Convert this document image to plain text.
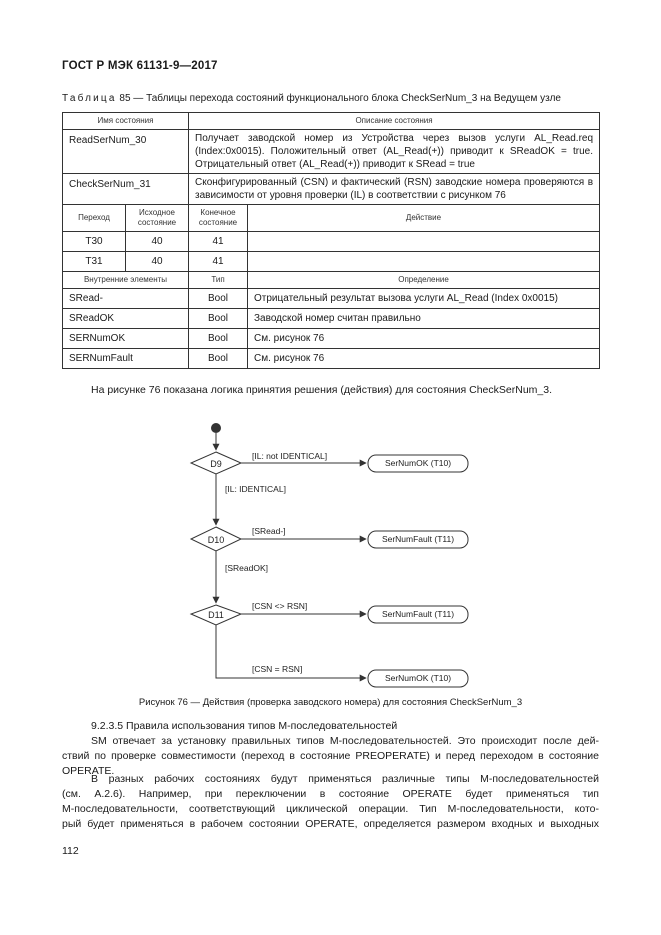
ГОСТ Р МЭК 61131-9—2017
Таблица 85 — Таблицы перехода состояний функционального блока CheckSerNum_3 на Ведущем узле
Имя состояния		Описание состояния	
ReadSerNum_30		Получает заводской номер из Устройства через вызов услуги AL_Read.req (Index:0x0015). Положительный ответ (AL_Read(+)) приводит к SReadOK = true. Отрицательный ответ (AL_Read(+)) приводит к SRead = true	
CheckSerNum_31		Сконфигурированный (CSN) и фактический (RSN) заводские номера проверяются в зависимости от уровня проверки (IL) в соответствии с рисунком 76	
Переход	Исходное состояние	Конечное состояние	Действие
T30	40	41	
T31	40	41	
Внутренние элементы		Тип	Определение
SRead-		Bool	Отрицательный результат вызова услуги AL_Read (Index 0x0015)
SReadOK		Bool	Заводской номер считан правильно
SERNumOK		Bool	См. рисунок 76
SERNumFault		Bool	См. рисунок 76
На рисунке 76 показана логика принятия решения (действия) для состояния CheckSerNum_3.
D9
D10
D11
[IL: not IDENTICAL]
[IL: IDENTICAL]
[SRead-]
[SReadOK]
[CSN <> RSN]
[CSN = RSN]
SerNumOK (T10)
SerNumFault (T11)
SerNumFault (T11)
SerNumOK (T10)
Рисунок 76 — Действия (проверка заводского номера) для состояния CheckSerNum_3
9.2.3.5 Правила использования типов М-последовательностей
SM отвечает за установку правильных типов М-последовательностей. Это происходит после дей-
ствий по проверке совместимости (переход в состояние PREOPERATE) и перед переходом в состояние
OPERATE.
В разных рабочих состояниях будут применяться различные типы М-последовательностей
(см. А.2.6). Например, при переключении в состояние OPERATE будет применяться тип
М-последовательности, соответствующий циклической операции. Тип М-последовательности, кото-
рый будет применяться в рабочем состоянии OPERATE, определяется размером входных и выходных
112
